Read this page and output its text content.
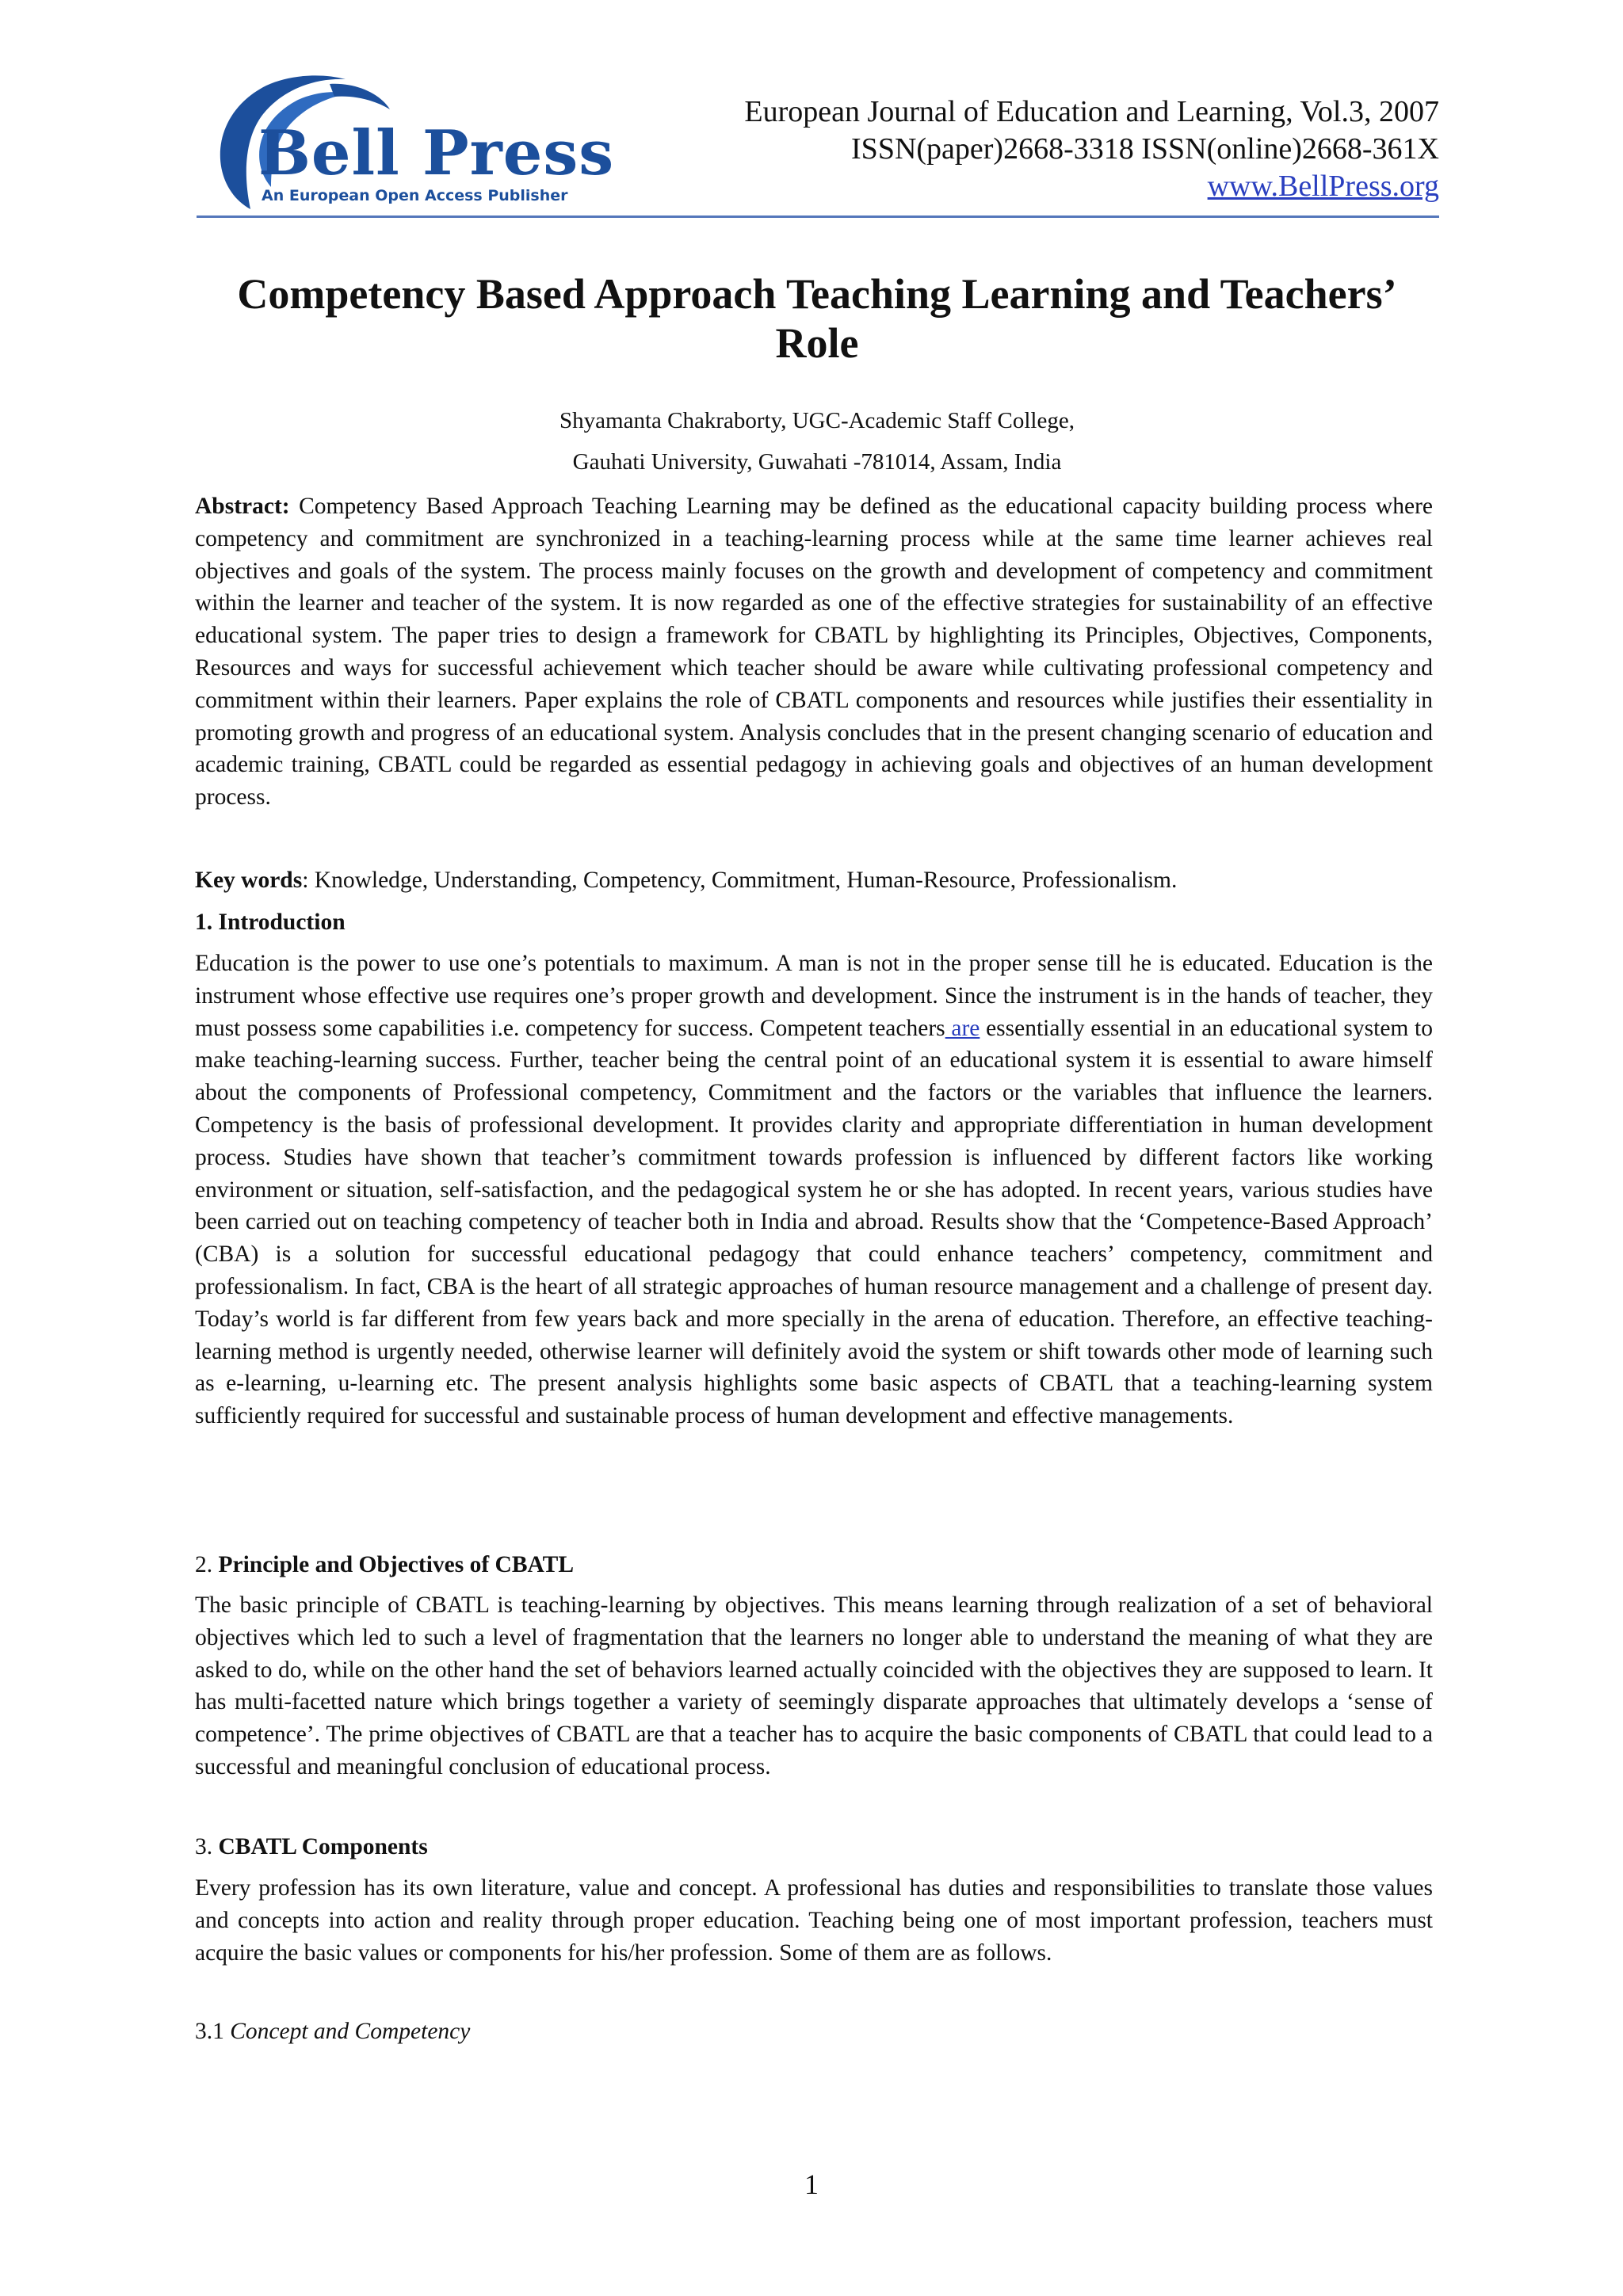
Bell Press
An European Open Access Publisher
European Journal of Education and Learning, Vol.3, 2007
ISSN(paper)2668-3318 ISSN(online)2668-361X
www.BellPress.org
Competency Based Approach Teaching Learning and Teachers’
Role
Shyamanta Chakraborty, UGC-Academic Staff College,
Gauhati University, Guwahati -781014, Assam, India

Abstract: Competency Based Approach Teaching Learning may be defined as the educational capacity building process where competency and commitment are synchronized in a teaching-learning process while at the same time learner achieves real objectives and goals of the system. The process mainly focuses on the growth and development of competency and commitment within the learner and teacher of the system. It is now regarded as one of the effective strategies for sustainability of an effective educational system. The paper tries to design a framework for CBATL by highlighting its Principles, Objectives, Components, Resources and ways for successful achievement which teacher should be aware while cultivating professional competency and commitment within their learners. Paper explains the role of CBATL components and resources while justifies their essentiality in promoting growth and progress of an educational system. Analysis concludes that in the present changing scenario of education and academic training, CBATL could be regarded as essential pedagogy in achieving goals and objectives of an human development process.

Key words: Knowledge, Understanding, Competency, Commitment, Human-Resource, Professionalism.

1. Introduction

Education is the power to use one’s potentials to maximum. A man is not in the proper sense till he is educated. Education is the instrument whose effective use requires one’s proper growth and development. Since the instrument is in the hands of teacher, they must possess some capabilities i.e. competency for success. Competent teachers are essentially essential in an educational system to make teaching-learning success. Further, teacher being the central point of an educational system it is essential to aware himself about the components of Professional competency, Commitment and the factors or the variables that influence the learners. Competency is the basis of professional development. It provides clarity and appropriate differentiation in human development process. Studies have shown that teacher’s commitment towards profession is influenced by different factors like working environment or situation, self-satisfaction, and the pedagogical system he or she has adopted. In recent years, various studies have been carried out on teaching competency of teacher both in India and abroad. Results show that the ‘Competence-Based Approach’ (CBA) is a solution for successful educational pedagogy that could enhance teachers’ competency, commitment and professionalism. In fact, CBA is the heart of all strategic approaches of human resource management and a challenge of present day. Today’s world is far different from few years back and more specially in the arena of education. Therefore, an effective teaching-learning method is urgently needed, otherwise learner will definitely avoid the system or shift towards other mode of learning such as e-learning, u-learning etc. The present analysis highlights some basic aspects of CBATL that a teaching-learning system sufficiently required for successful and sustainable process of human development and effective managements.

2. Principle and Objectives of CBATL

The basic principle of CBATL is teaching-learning by objectives. This means learning through realization of a set of behavioral objectives which led to such a level of fragmentation that the learners no longer able to understand the meaning of what they are asked to do, while on the other hand the set of behaviors learned actually coincided with the objectives they are supposed to learn. It has multi-facetted nature which brings together a variety of seemingly disparate approaches that ultimately develops a ‘sense of competence’. The prime objectives of CBATL are that a teacher has to acquire the basic components of CBATL that could lead to a successful and meaningful conclusion of educational process.

3. CBATL Components

Every profession has its own literature, value and concept. A professional has duties and responsibilities to translate those values and concepts into action and reality through proper education. Teaching being one of most important profession, teachers must acquire the basic values or components for his/her profession. Some of them are as follows.

3.1 Concept and Competency
1
